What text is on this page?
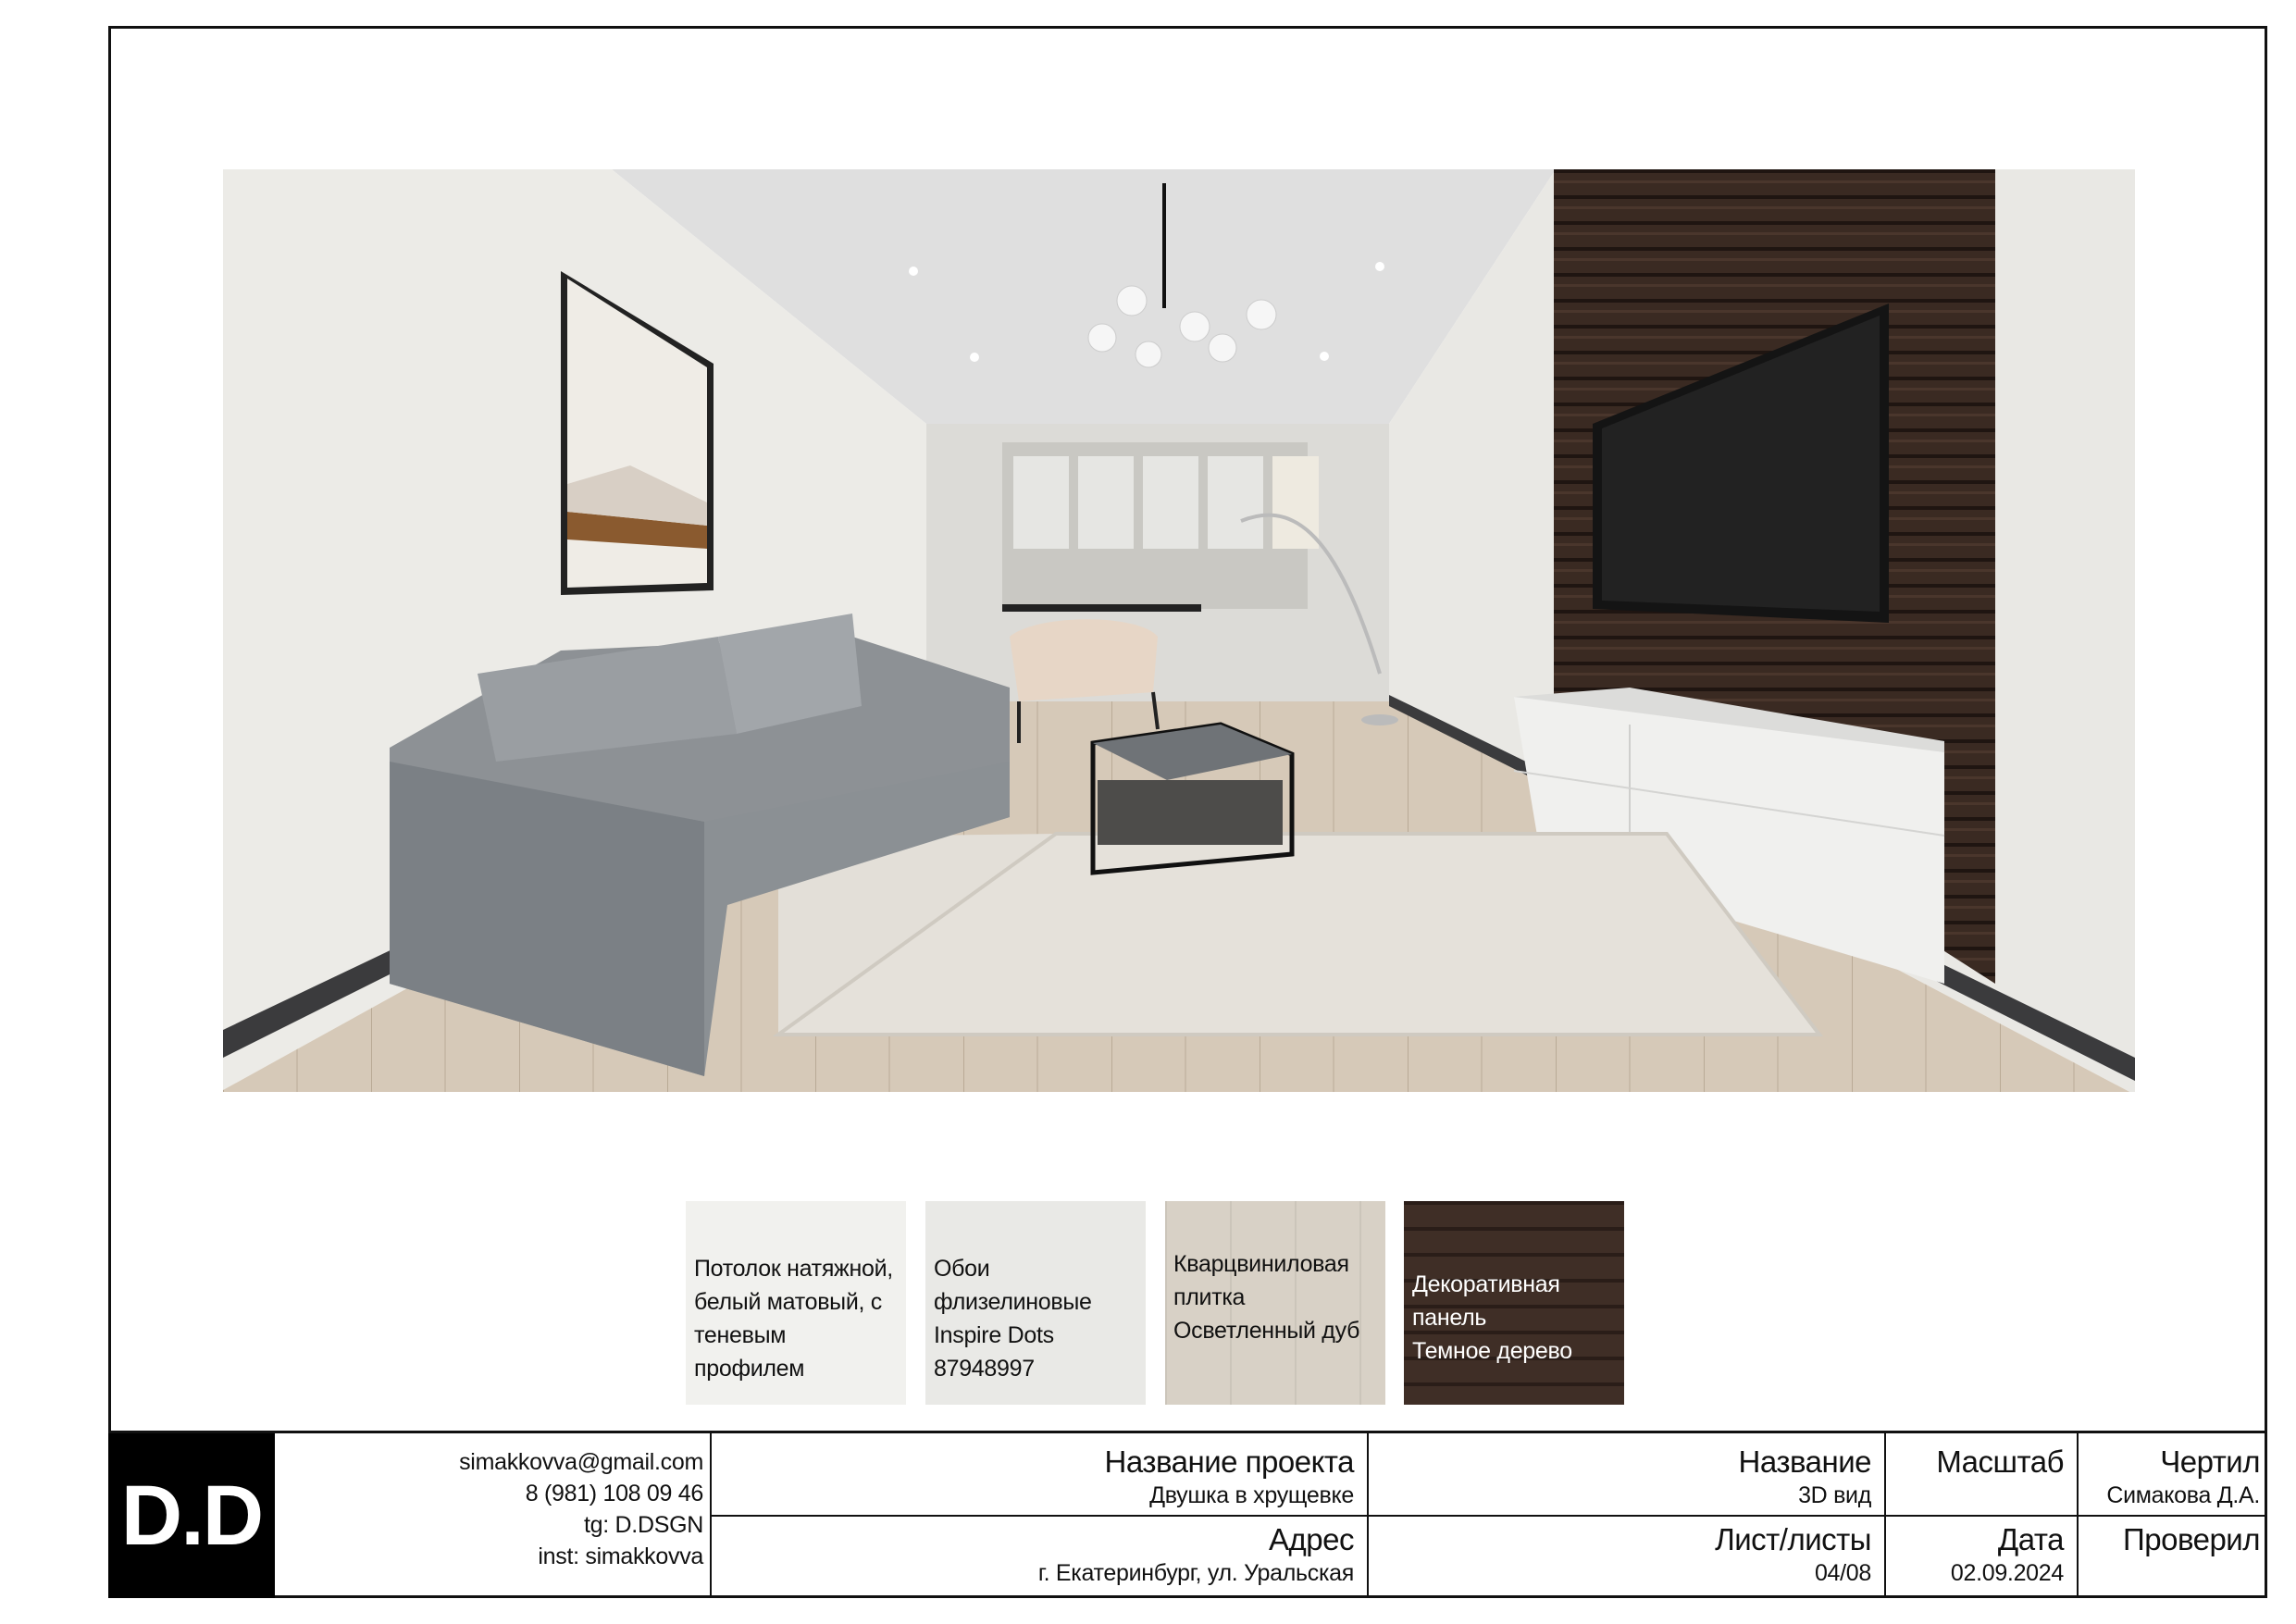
Потолок натяжной,
белый матовый, с
теневым профилем
Обои флизелиновые
Inspire Dots
87948997
Кварцвиниловая
плитка
Осветленный дуб
Декоративная панель
Темное дерево
D.D
simakkovva@gmail.com
8 (981) 108 09 46
tg: D.DSGN
inst: simakkovva
Название проекта
Двушка в хрущевке
Адрес
г. Екатеринбург, ул. Уральская
Название
3D вид
Лист/листы
04/08
Масштаб
Дата
02.09.2024
Чертил
Симакова Д.А.
Проверил
